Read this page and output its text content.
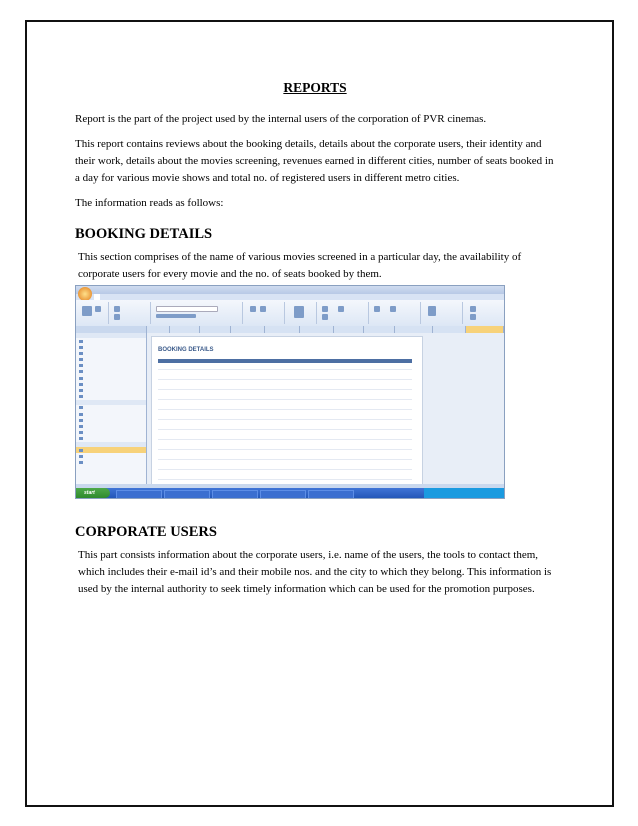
REPORTS

Report is the part of the project used by the internal users of the corporation of PVR cinemas.

This report contains reviews about the booking details, details about the corporate users, their identity and their work, details about the movies screening, revenues earned in different cities, number of seats booked in a day for various movie shows and total no. of registered users in different metro cities.

The information reads as follows:

BOOKING DETAILS

This section comprises of the name of various movies screened in a particular day, the availability of corporate users for every movie and the no. of seats booked by them.

BOOKING DETAILS
start
CORPORATE USERS

This part consists information about the corporate users, i.e. name of the users, the tools to contact them, which includes their e-mail id’s and their mobile nos. and the city to which they belong. This information is used by the internal authority to seek timely information which can be used for the promotion purposes.
